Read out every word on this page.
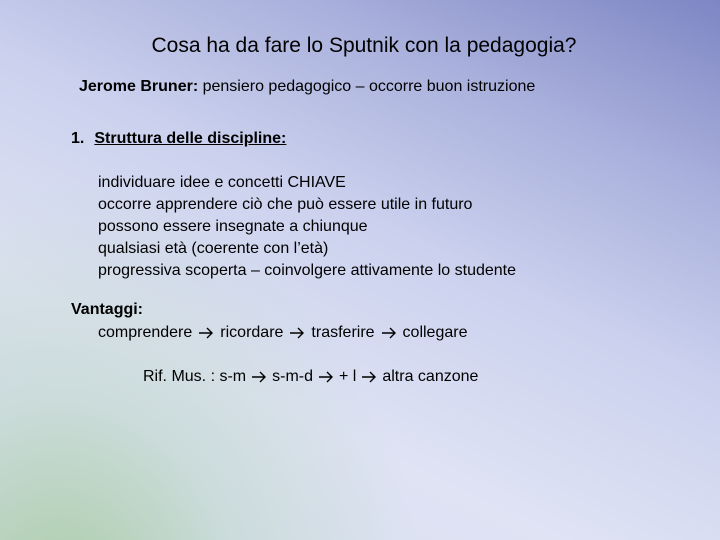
Cosa ha da fare lo Sputnik con la pedagogia?
Jerome Bruner: pensiero pedagogico – occorre buon istruzione
1. Struttura delle discipline:
individuare idee e concetti CHIAVE
occorre apprendere ciò che può essere utile in futuro
possono essere insegnate a chiunque
qualsiasi età (coerente con l’età)
progressiva scoperta – coinvolgere attivamente lo studente
Vantaggi:
comprendere ricordare trasferire collegare
Rif. Mus. : s-m s-m-d + l altra canzone
